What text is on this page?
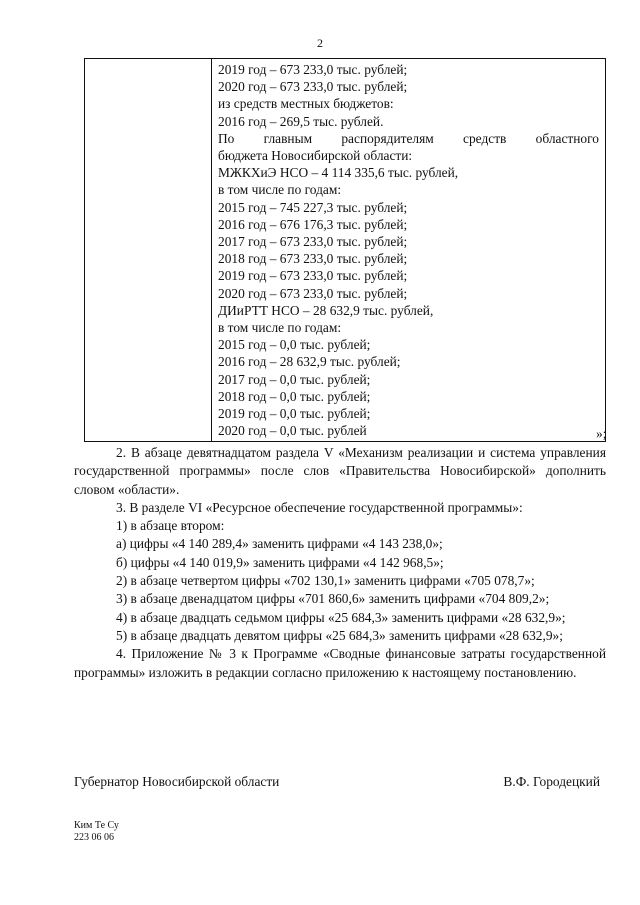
2

2019 год – 673 233,0 тыс. рублей;
2020 год – 673 233,0 тыс. рублей;
из средств местных бюджетов:
2016 год – 269,5 тыс. рублей.
По главным распорядителям средств областного
бюджета Новосибирской области:
МЖКХиЭ НСО – 4 114 335,6 тыс. рублей,
в том числе по годам:
2015 год – 745 227,3 тыс. рублей;
2016 год – 676 176,3 тыс. рублей;
2017 год – 673 233,0 тыс. рублей;
2018 год – 673 233,0 тыс. рублей;
2019 год – 673 233,0 тыс. рублей;
2020 год – 673 233,0 тыс. рублей;
ДИиРТТ НСО – 28 632,9 тыс. рублей,
в том числе по годам:
2015 год – 0,0 тыс. рублей;
2016 год – 28 632,9 тыс. рублей;
2017 год – 0,0 тыс. рублей;
2018 год – 0,0 тыс. рублей;
2019 год – 0,0 тыс. рублей;
2020 год – 0,0 тыс. рублей	»;

2. В абзаце девятнадцатом раздела V «Механизм реализации и система управления государственной программы» после слов «Правительства Новосибирской» дополнить словом «области».

3. В разделе VI «Ресурсное обеспечение государственной программы»:

1) в абзаце втором:

а) цифры «4 140 289,4» заменить цифрами «4 143 238,0»;

б) цифры «4 140 019,9» заменить цифрами «4 142 968,5»;

2) в абзаце четвертом цифры «702 130,1» заменить цифрами «705 078,7»;

3) в абзаце двенадцатом цифры «701 860,6» заменить цифрами «704 809,2»;

4) в абзаце двадцать седьмом цифры «25 684,3» заменить цифрами «28 632,9»;

5) в абзаце двадцать девятом цифры «25 684,3» заменить цифрами «28 632,9»;

4. Приложение № 3 к Программе «Сводные финансовые затраты государственной программы» изложить в редакции согласно приложению к настоящему постановлению.

Губернатор Новосибирской области	В.Ф. Городецкий
Ким Те Су
223 06 06
